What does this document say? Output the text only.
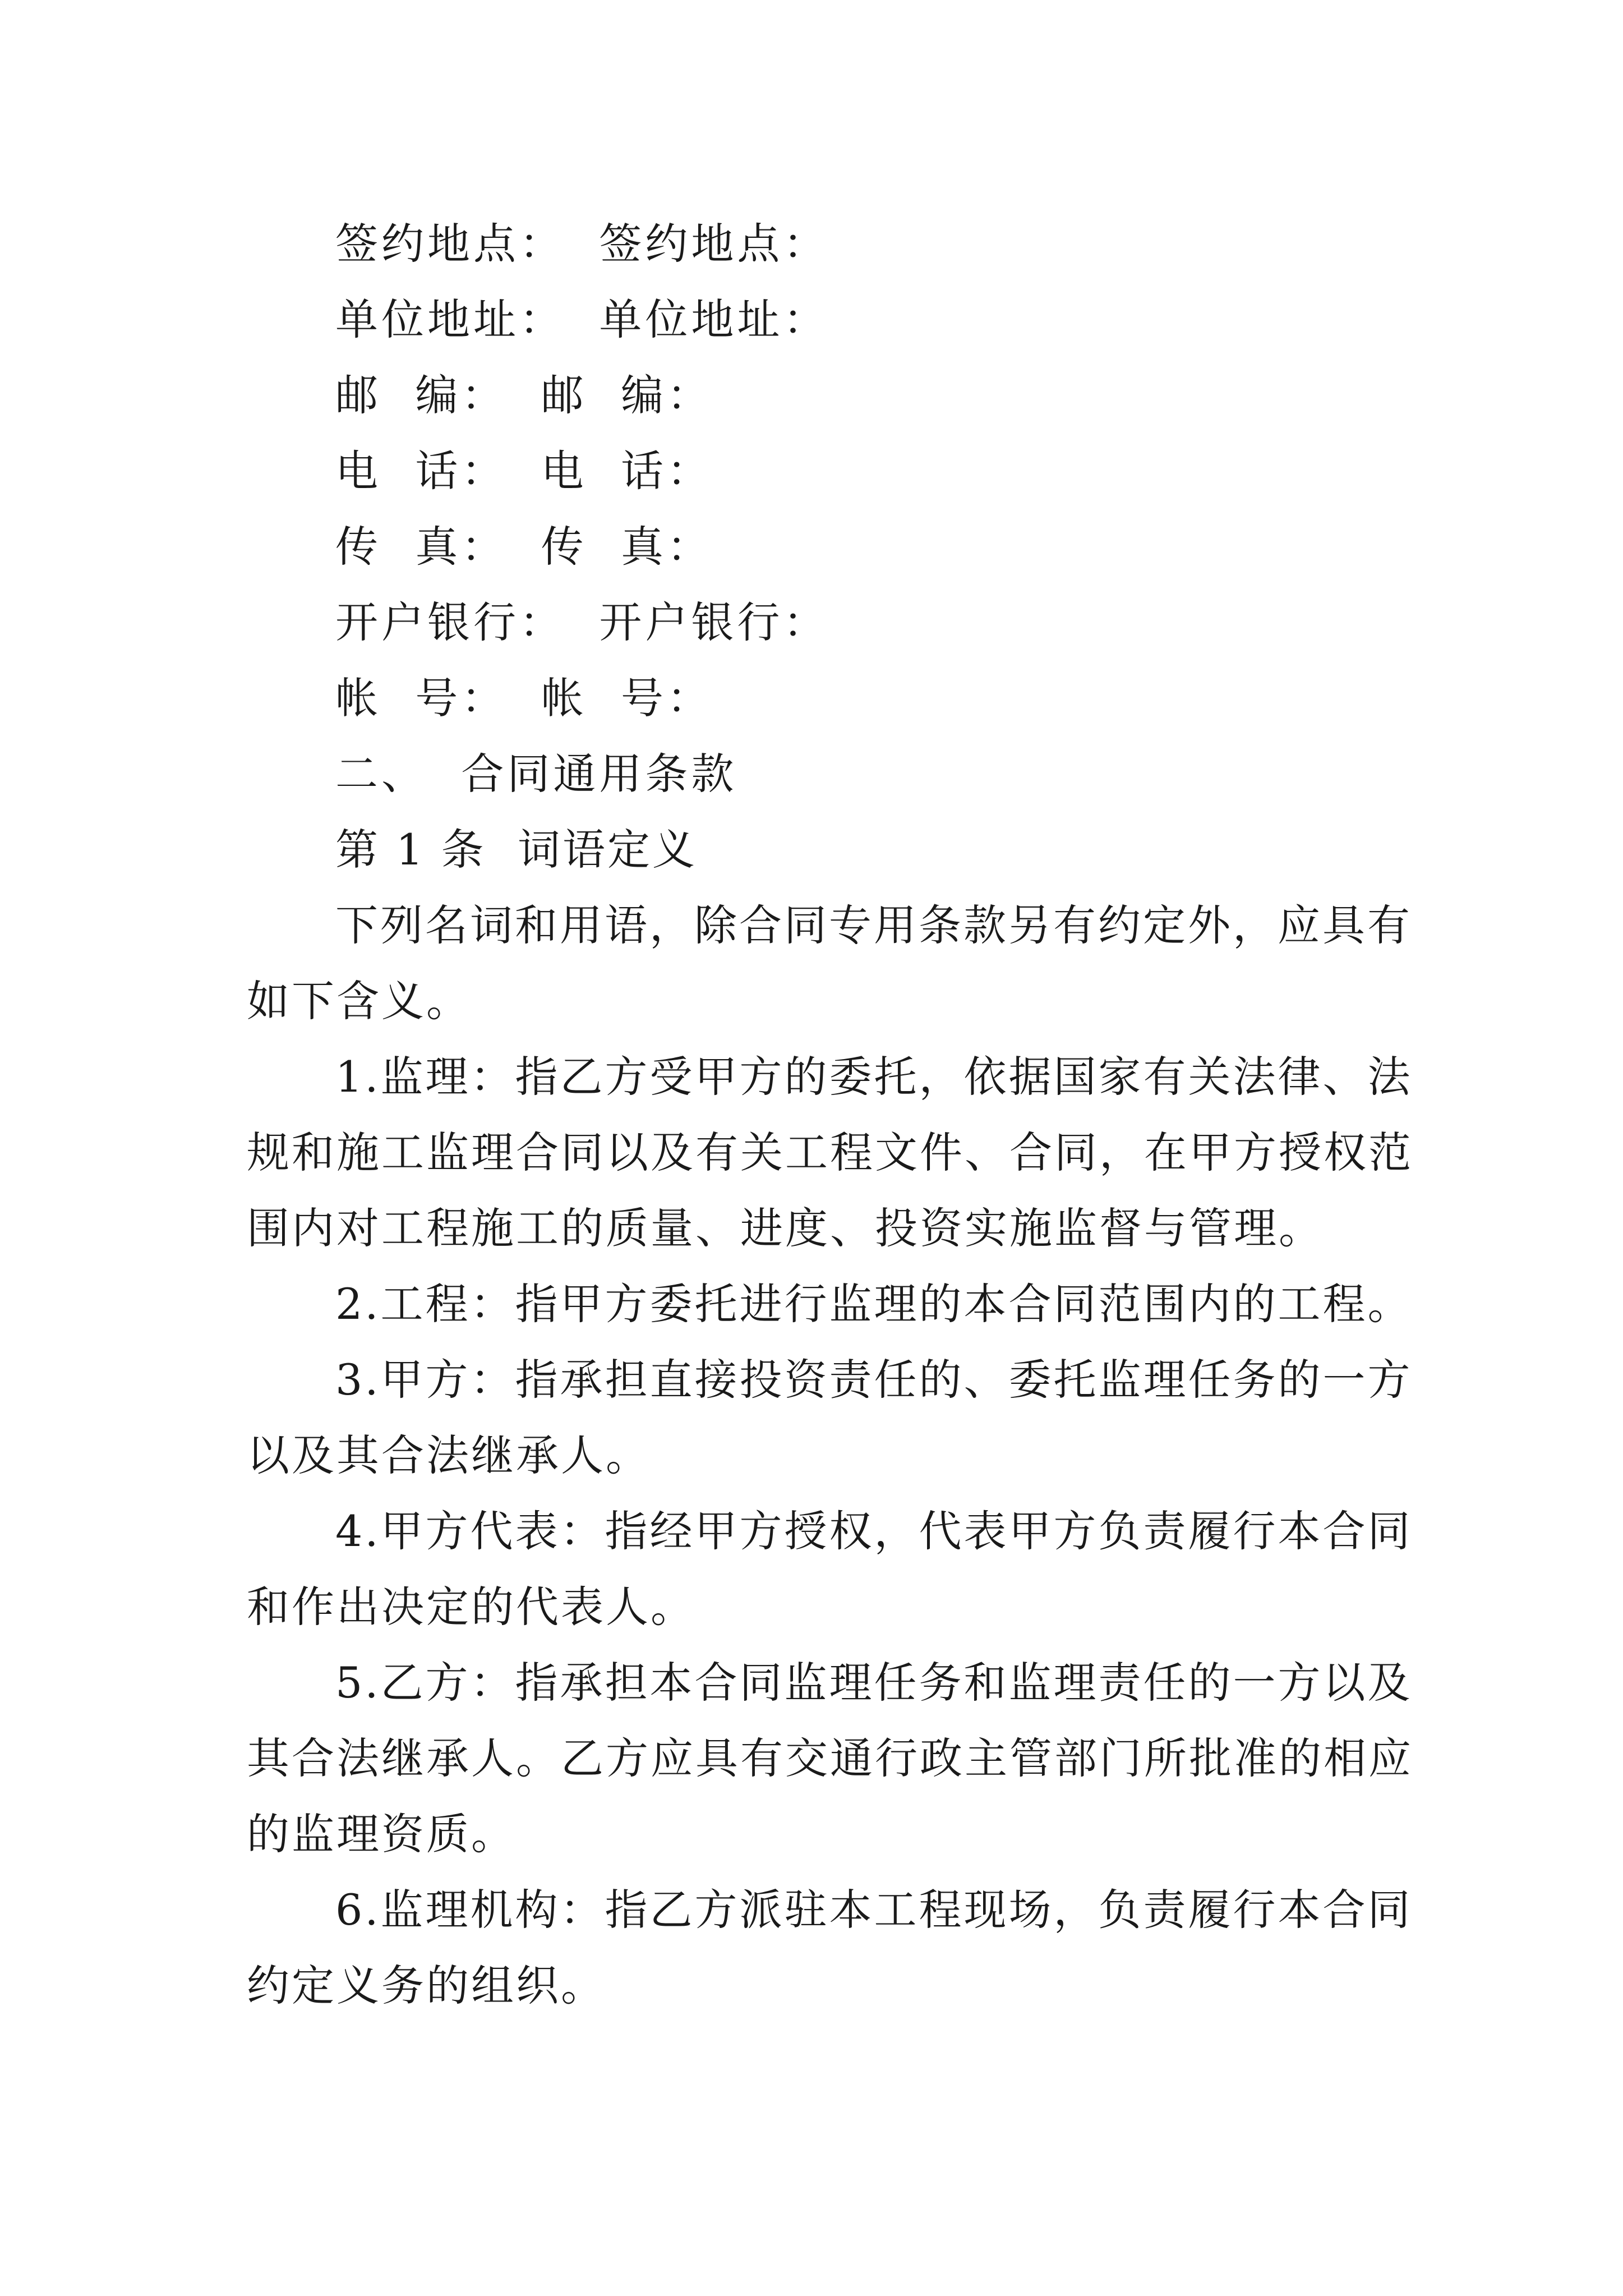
签约地点：  签约地点：
单位地址：  单位地址：
邮  编：  邮  编：
电  话：  电  话：
传  真：  传  真：
开户银行：  开户银行：
帐  号：  帐  号：
二、  合同通用条款
第 1 条  词语定义
下列名词和用语，除合同专用条款另有约定外，应具有
如下含义。
1.监理：指乙方受甲方的委托，依据国家有关法律、法
规和施工监理合同以及有关工程文件、合同，在甲方授权范
围内对工程施工的质量、进度、投资实施监督与管理。
2.工程：指甲方委托进行监理的本合同范围内的工程。
3.甲方：指承担直接投资责任的、委托监理任务的一方
以及其合法继承人。
4.甲方代表：指经甲方授权，代表甲方负责履行本合同
和作出决定的代表人。
5.乙方：指承担本合同监理任务和监理责任的一方以及
其合法继承人。乙方应具有交通行政主管部门所批准的相应
的监理资质。
6.监理机构：指乙方派驻本工程现场，负责履行本合同
约定义务的组织。
